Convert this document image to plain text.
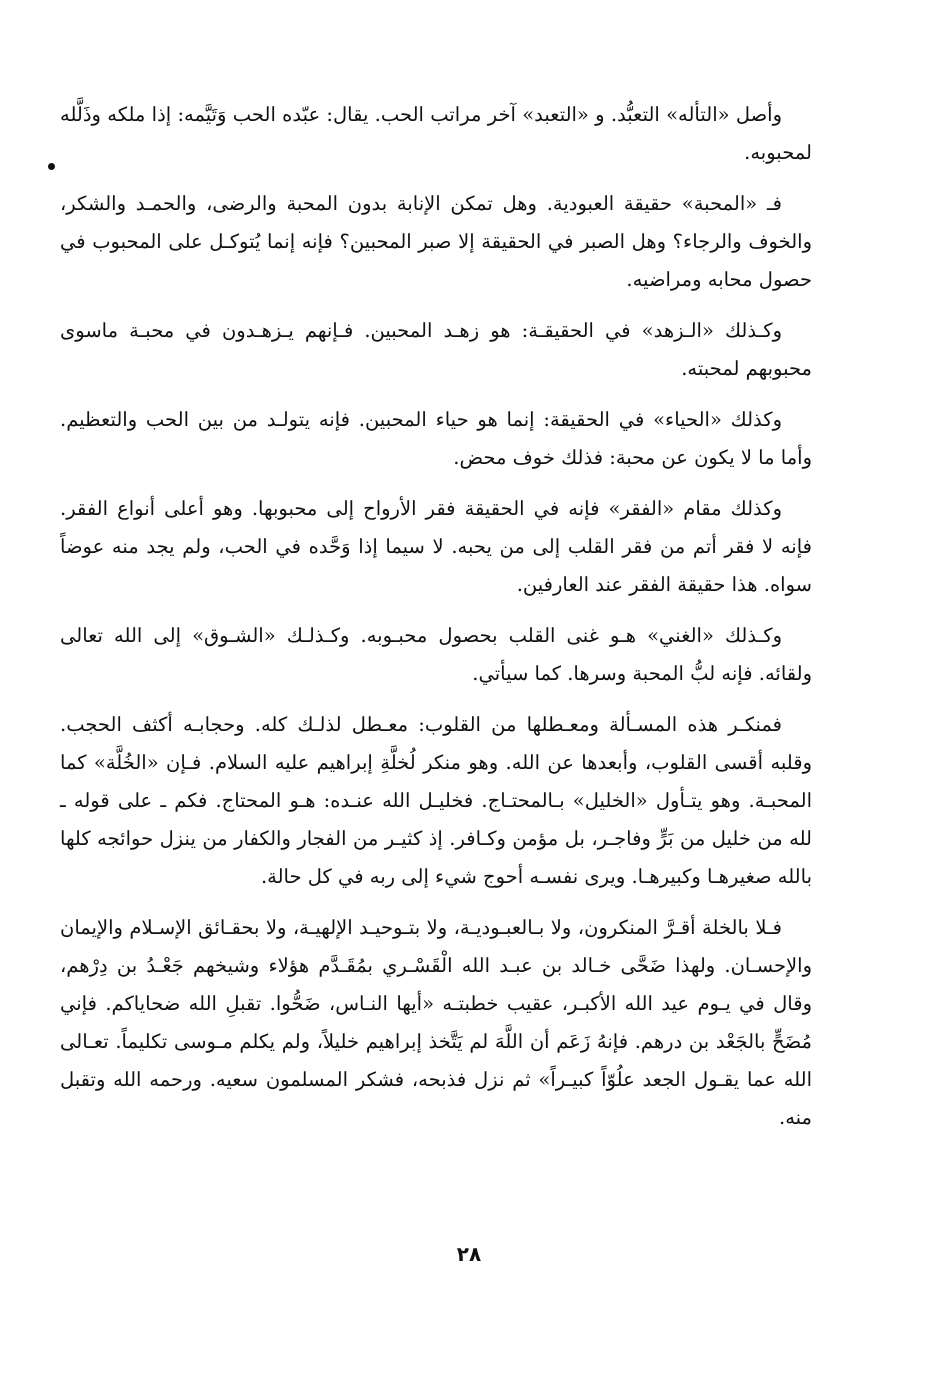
وأصل «التأله» التعبُّد. و «التعبد» آخر مراتب الحب. يقال: عبّده الحب وَتَيَّمه: إذا ملكه وذَلَّله لمحبوبه.

فـ «المحبة» حقيقة العبودية. وهل تمكن الإنابة بدون المحبة والرضى، والحمـد والشكر، والخوف والرجاء؟ وهل الصبر في الحقيقة إلا صبر المحبين؟ فإنه إنما يُتوكـل على المحبوب في حصول محابه ومراضيه.

وكـذلك «الـزهد» في الحقيقـة: هو زهـد المحبين. فـإنهم يـزهـدون في محبـة ماسوى محبوبهم لمحبته.

وكذلك «الحياء» في الحقيقة: إنما هو حياء المحبين. فإنه يتولـد من بين الحب والتعظيم. وأما ما لا يكون عن محبة: فذلك خوف محض.

وكذلك مقام «الفقر» فإنه في الحقيقة فقر الأرواح إلى محبوبها. وهو أعلى أنواع الفقر. فإنه لا فقر أتم من فقر القلب إلى من يحبه. لا سيما إذا وَحَّده في الحب، ولم يجد منه عوضاً سواه. هذا حقيقة الفقر عند العارفين.

وكـذلك «الغني» هـو غنى القلب بحصول محبـوبه. وكـذلـك «الشـوق» إلى الله تعالى ولقائه. فإنه لبُّ المحبة وسرها. كما سيأتي.

فمنكـر هذه المسـألة ومعـطلها من القلوب: معـطل لذلـك كله. وحجابـه أكثف الحجب. وقلبه أقسى القلوب، وأبعدها عن الله. وهو منكر لُخلَّةِ إبراهيم عليه السلام. فـإن «الخُلَّة» كما المحبـة. وهو يتـأول «الخليل» بـالمحتـاج. فخليـل الله عنـده: هـو المحتاج. فكم ـ على قوله ـ لله من خليل من بَرٍّ وفاجـر، بل مؤمن وكـافر. إذ كثيـر من الفجار والكفار من ينزل حوائجه كلها بالله صغيرهـا وكبيرهـا. ويرى نفسـه أحوج شيء إلى ربه في كل حالة.

فـلا بالخلة أقـرَّ المنكرون، ولا بـالعبـوديـة، ولا بتـوحيـد الإلهيـة، ولا بحقـائق الإسـلام والإيمان والإحسـان. ولهذا ضَحَّى خـالد بن عبـد الله الْقَسْـري بمُقَـدَّم هؤلاء وشيخهم جَعْـدُ بن دِرْهم، وقال في يـوم عيد الله الأكبـر، عقيب خطبتـه «أيها النـاس، ضَحُّوا. تقبلِ الله ضحاياكم. فإني مُضَحٍّ بالجَعْد بن درهم. فإنهُ زَعَم أن اللَّهَ لم يَتَّخذ إبراهيم خليلاً، ولم يكلم مـوسى تكليماً. تعـالى الله عما يقـول الجعد علُوّاً كبيـراً» ثم نزل فذبحه، فشكر المسلمون سعيه. ورحمه الله وتقبل منه.

٢٨
